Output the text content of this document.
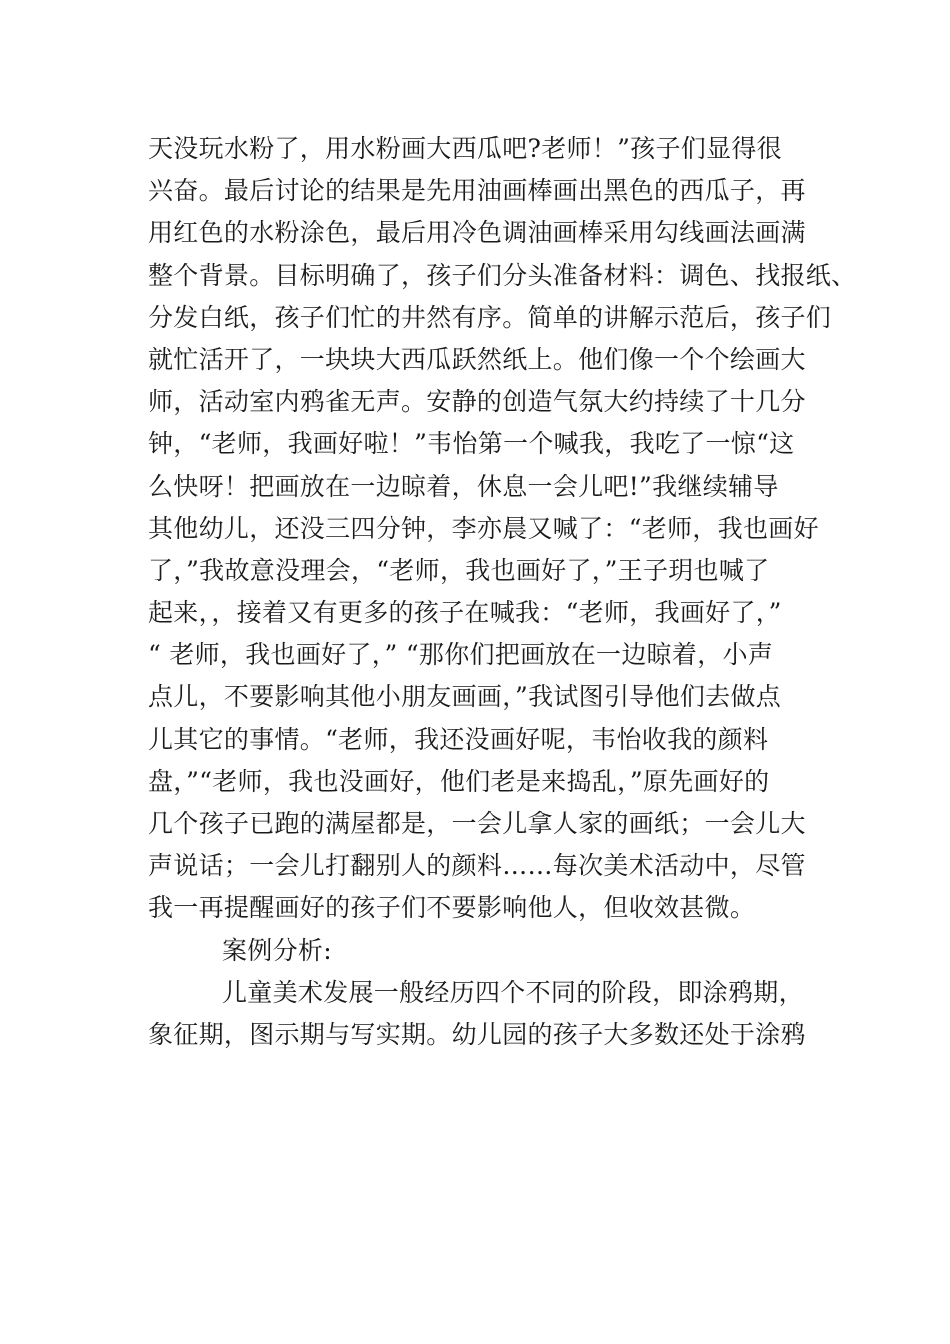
天没玩水粉了，用水粉画大西瓜吧?老师！”孩子们显得很
兴奋。最后讨论的结果是先用油画棒画出黑色的西瓜子，再
用红色的水粉涂色，最后用冷色调油画棒采用勾线画法画满
整个背景。目标明确了，孩子们分头准备材料：调色、找报纸、
分发白纸，孩子们忙的井然有序。简单的讲解示范后，孩子们
就忙活开了，一块块大西瓜跃然纸上。他们像一个个绘画大
师，活动室内鸦雀无声。安静的创造气氛大约持续了十几分
钟，“老师，我画好啦！”韦怡第一个喊我，我吃了一惊“这
么快呀！把画放在一边晾着，休息一会儿吧!”我继续辅导
其他幼儿，还没三四分钟，李亦晨又喊了：“老师，我也画好
了，”我故意没理会，“老师，我也画好了，”王子玥也喊了
起来，，接着又有更多的孩子在喊我：“老师，我画好了，”
“ 老师，我也画好了，” “那你们把画放在一边晾着，小声
点儿，不要影响其他小朋友画画，”我试图引导他们去做点
儿其它的事情。“老师，我还没画好呢，韦怡收我的颜料
盘，”“老师，我也没画好，他们老是来捣乱，”原先画好的
几个孩子已跑的满屋都是，一会儿拿人家的画纸；一会儿大
声说话；一会儿打翻别人的颜料……每次美术活动中，尽管
我一再提醒画好的孩子们不要影响他人，但收效甚微。
案例分析:
儿童美术发展一般经历四个不同的阶段，即涂鸦期，
象征期，图示期与写实期。幼儿园的孩子大多数还处于涂鸦
